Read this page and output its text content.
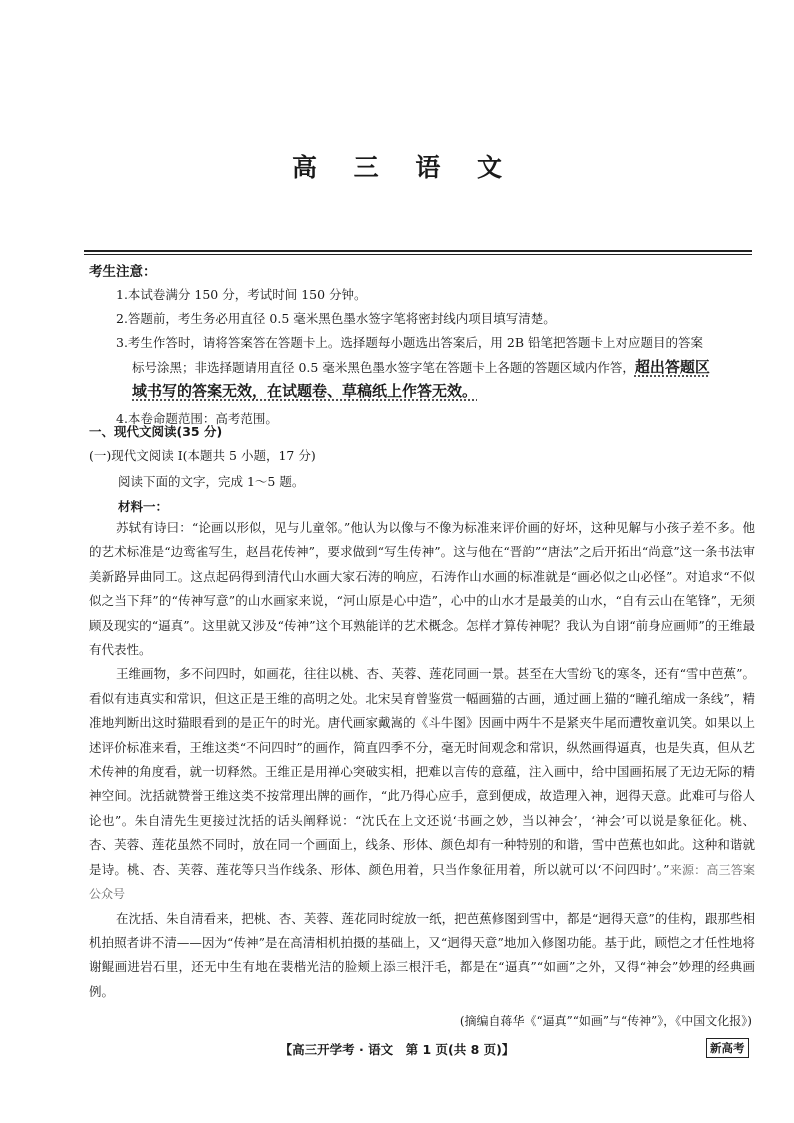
高 三 语 文
考生注意：
1.本试卷满分 150 分，考试时间 150 分钟。
2.答题前，考生务必用直径 0.5 毫米黑色墨水签字笔将密封线内项目填写清楚。
3.考生作答时，请将答案答在答题卡上。选择题每小题选出答案后，用 2B 铅笔把答题卡上对应题目的答案
标号涂黑；非选择题请用直径 0.5 毫米黑色墨水签字笔在答题卡上各题的答题区域内作答，超出答题区
域书写的答案无效，在试题卷、草稿纸上作答无效。
4.本卷命题范围：高考范围。
一、现代文阅读(35 分)
(一)现代文阅读 Ⅰ(本题共 5 小题，17 分)
阅读下面的文字，完成 1～5 题。
材料一：

苏轼有诗曰：“论画以形似，见与儿童邻。”他认为以像与不像为标准来评价画的好坏，这种见解与小孩子差不多。他的艺术标准是“边鸾雀写生，赵昌花传神”，要求做到“写生传神”。这与他在“晋韵”“唐法”之后开拓出“尚意”这一条书法审美新路异曲同工。这点起码得到清代山水画大家石涛的响应，石涛作山水画的标准就是“画必似之山必怪”。对追求“不似似之当下拜”的“传神写意”的山水画家来说，“河山原是心中造”，心中的山水才是最美的山水，“自有云山在笔锋”，无须顾及现实的“逼真”。这里就又涉及“传神”这个耳熟能详的艺术概念。怎样才算传神呢？我认为自诩“前身应画师”的王维最有代表性。

王维画物，多不问四时，如画花，往往以桃、杏、芙蓉、莲花同画一景。甚至在大雪纷飞的寒冬，还有“雪中芭蕉”。看似有违真实和常识，但这正是王维的高明之处。北宋吴育曾鉴赏一幅画猫的古画，通过画上猫的“瞳孔缩成一条线”，精准地判断出这时猫眼看到的是正午的时光。唐代画家戴嵩的《斗牛图》因画中两牛不是紧夹牛尾而遭牧童讥笑。如果以上述评价标准来看，王维这类“不问四时”的画作，简直四季不分，毫无时间观念和常识，纵然画得逼真，也是失真，但从艺术传神的角度看，就一切释然。王维正是用禅心突破实相，把难以言传的意蕴，注入画中，给中国画拓展了无边无际的精神空间。沈括就赞誉王维这类不按常理出牌的画作，“此乃得心应手，意到便成，故造理入神，迥得天意。此难可与俗人论也”。朱自清先生更接过沈括的话头阐释说：“沈氏在上文还说‘书画之妙，当以神会’，‘神会’可以说是象征化。桃、杏、芙蓉、莲花虽然不同时，放在同一个画面上，线条、形体、颜色却有一种特别的和谐，雪中芭蕉也如此。这种和谐就是诗。桃、杏、芙蓉、莲花等只当作线条、形体、颜色用着，只当作象征用着，所以就可以‘不问四时’。”来源：高三答案公众号

在沈括、朱自清看来，把桃、杏、芙蓉、莲花同时绽放一纸，把芭蕉修图到雪中，都是“迥得天意”的佳构，跟那些相机拍照者讲不清——因为“传神”是在高清相机拍摄的基础上，又“迥得天意”地加入修图功能。基于此，顾恺之才任性地将谢鲲画进岩石里，还无中生有地在裴楷光洁的脸颊上添三根汗毛，都是在“逼真”“如画”之外，又得“神会”妙理的经典画例。

(摘编自蒋华《“逼真”“如画”与“传神”》，《中国文化报》)
【高三开学考 · 语文　第 1 页(共 8 页)】	新高考
